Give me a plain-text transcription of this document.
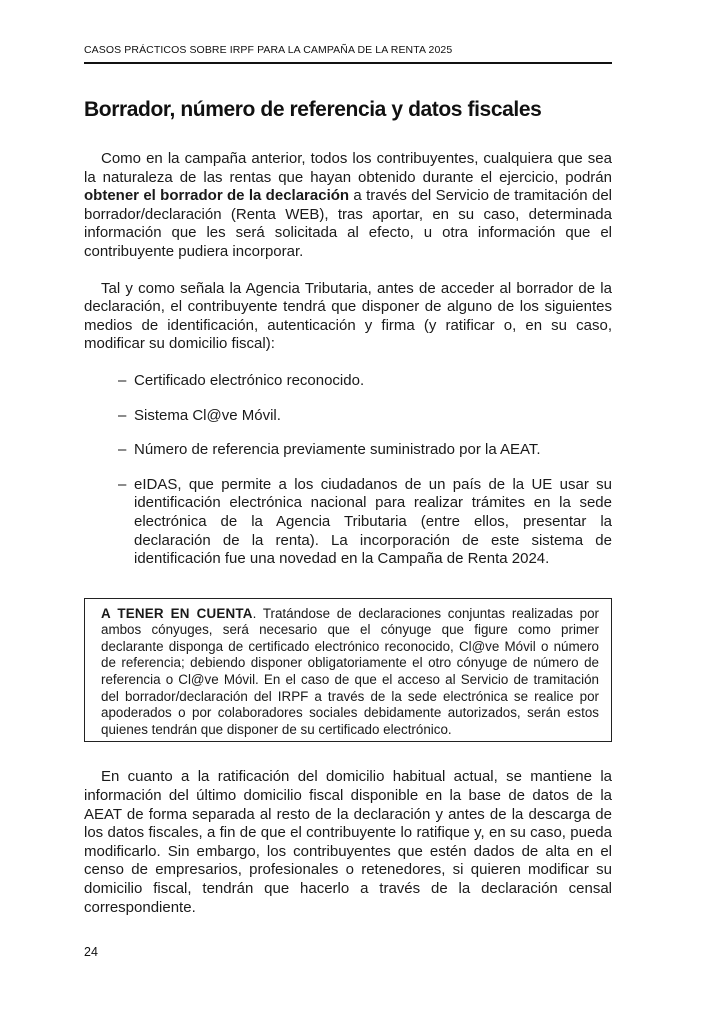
CASOS PRÁCTICOS SOBRE IRPF PARA LA CAMPAÑA DE LA RENTA 2025
Borrador, número de referencia y datos fiscales

Como en la campaña anterior, todos los contribuyentes, cualquiera que sea la naturaleza de las rentas que hayan obtenido durante el ejercicio, podrán obtener el borrador de la declaración a través del Servicio de tramitación del borrador/declaración (Renta WEB), tras aportar, en su caso, determinada información que les será solicitada al efecto, u otra información que el contribuyente pudiera incorporar.

Tal y como señala la Agencia Tributaria, antes de acceder al borrador de la declaración, el contribuyente tendrá que disponer de alguno de los siguientes medios de identificación, autenticación y firma (y ratificar o, en su caso, modificar su domicilio fiscal):

– Certificado electrónico reconocido.
– Sistema Cl@ve Móvil.
– Número de referencia previamente suministrado por la AEAT.
– eIDAS, que permite a los ciudadanos de un país de la UE usar su identificación electrónica nacional para realizar trámites en la sede electrónica de la Agencia Tributaria (entre ellos, presentar la declaración de la renta). La incorporación de este sistema de identificación fue una novedad en la Campaña de Renta 2024.
A TENER EN CUENTA. Tratándose de declaraciones conjuntas realizadas por ambos cónyuges, será necesario que el cónyuge que figure como primer declarante disponga de certificado electrónico reconocido, Cl@ve Móvil o número de referencia; debiendo disponer obligatoriamente el otro cónyuge de número de referencia o Cl@ve Móvil. En el caso de que el acceso al Servicio de tramitación del borrador/declaración del IRPF a través de la sede electrónica se realice por apoderados o por colaboradores sociales debidamente autorizados, serán estos quienes tendrán que disponer de su certificado electrónico.

En cuanto a la ratificación del domicilio habitual actual, se mantiene la información del último domicilio fiscal disponible en la base de datos de la AEAT de forma separada al resto de la declaración y antes de la descarga de los datos fiscales, a fin de que el contribuyente lo ratifique y, en su caso, pueda modificarlo. Sin embargo, los contribuyentes que estén dados de alta en el censo de empresarios, profesionales o retenedores, si quieren modificar su domicilio fiscal, tendrán que hacerlo a través de la declaración censal correspondiente.

24
